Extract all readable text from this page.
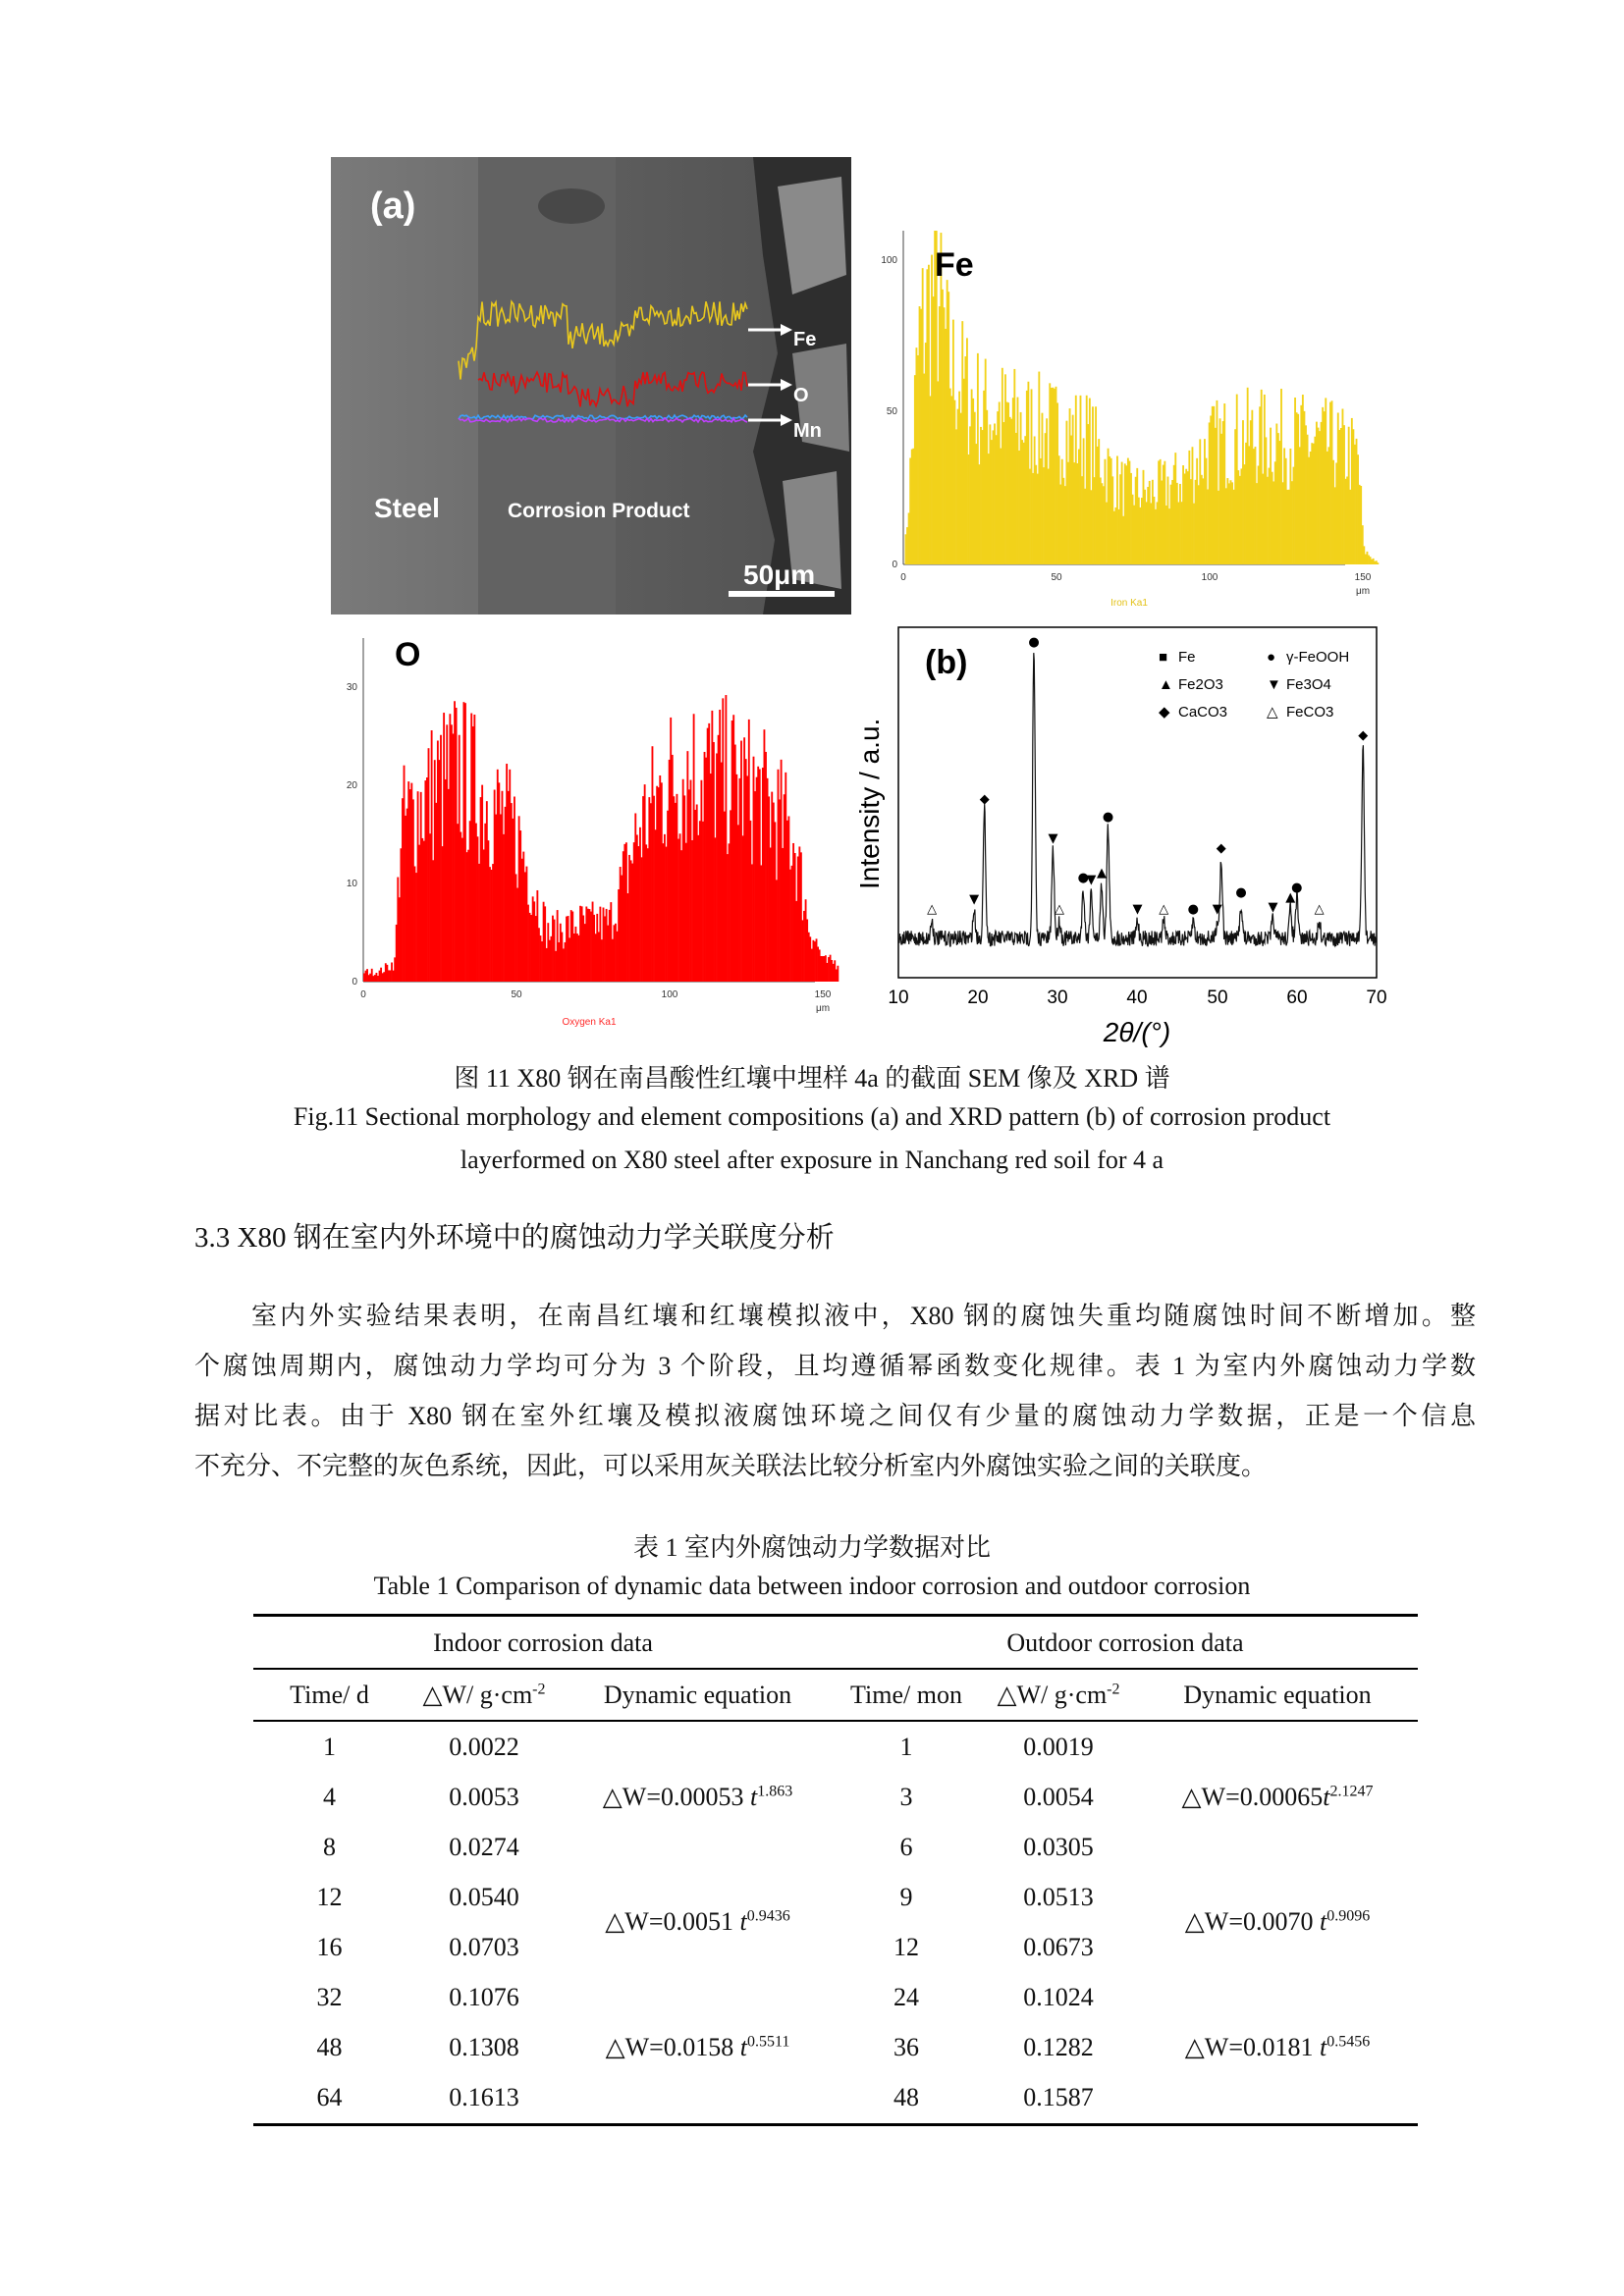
(a)
Steel	Corrosion Product
50μm
Fe
O
Mn
100
50
0
0	50	100	150
μm
Iron Ka1
Fe
30
20
10
0
0	50	100	150
μm
Oxygen Ka1
O
△
▼
◆
●
▼
△
●
▼ ▲
●
▼ △ ● ▼
◆
●
▼
▲
●
△
◆
10	20	30	40	50	60	70
2θ/(°)
Intensity / a.u.
(b)	■ Fe	● γ-FeOOH
▲ Fe2O3	▼ Fe3O4
◆ CaCO3	△ FeCO3
图 11 X80 钢在南昌酸性红壤中埋样 4a 的截面 SEM 像及 XRD 谱
Fig.11 Sectional morphology and element compositions (a) and XRD pattern (b) of corrosion product
layerformed on X80 steel after exposure in Nanchang red soil for 4 a
3.3 X80 钢在室内外环境中的腐蚀动力学关联度分析
室内外实验结果表明，在南昌红壤和红壤模拟液中，X80 钢的腐蚀失重均随腐蚀时间不断增加。整
个腐蚀周期内，腐蚀动力学均可分为 3 个阶段，且均遵循幂函数变化规律。表 1 为室内外腐蚀动力学数
据对比表。由于 X80 钢在室外红壤及模拟液腐蚀环境之间仅有少量的腐蚀动力学数据，正是一个信息
不充分、不完整的灰色系统，因此，可以采用灰关联法比较分析室内外腐蚀实验之间的关联度。
表 1 室内外腐蚀动力学数据对比
Table 1 Comparison of dynamic data between indoor corrosion and outdoor corrosion
Indoor corrosion data			Outdoor corrosion data		
Time/ d	△W/ $g\cdot cm^{-2}$	Dynamic equation	Time/ mon	△W/ $g\cdot cm^{-2}$	Dynamic equation
1	0.0022	△W=0.00053 $t^{1.863}$	1	0.0019	$\triangle W=0.00065t^{2.1247}$
4	0.0053		3	0.0054	
8	0.0274		6	0.0305	
12	0.0540	△W=0.0051 $t^{0.9436}$	9	0.0513	△W=0.0070 $t^{0.9096}$
16	0.0703		12	0.0673	
32	0.1076	△W=0.0158 $t^{0.5511}$	24	0.1024	△W=0.0181 $t^{0.5456}$
48	0.1308		36	0.1282	
64	0.1613		48	0.1587	
